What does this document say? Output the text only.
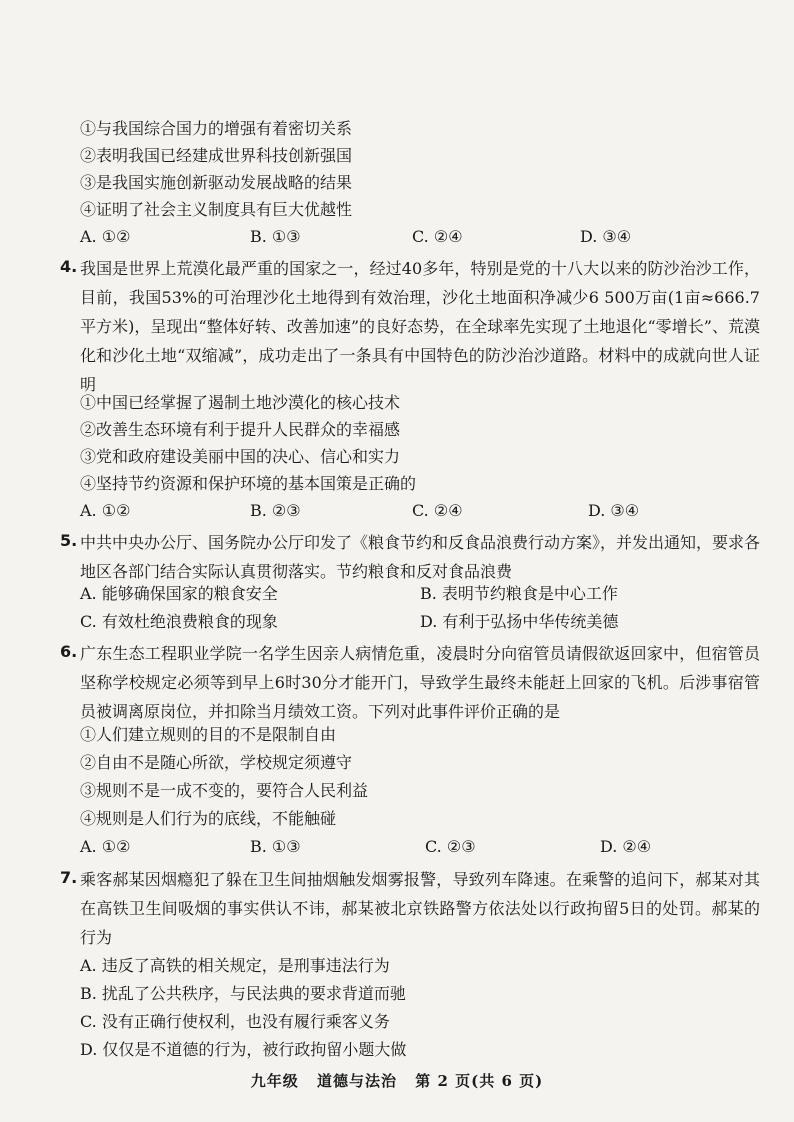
①与我国综合国力的增强有着密切关系
②表明我国已经建成世界科技创新强国
③是我国实施创新驱动发展战略的结果
④证明了社会主义制度具有巨大优越性
A. ①②	B. ①③	C. ②④	D. ③④
4. 我国是世界上荒漠化最严重的国家之一，经过40多年，特别是党的十八大以来的防沙治沙工作，目前，我国53%的可治理沙化土地得到有效治理，沙化土地面积净减少6 500万亩(1亩≈666.7平方米)，呈现出“整体好转、改善加速”的良好态势，在全球率先实现了土地退化“零增长”、荒漠化和沙化土地“双缩减”，成功走出了一条具有中国特色的防沙治沙道路。材料中的成就向世人证明
①中国已经掌握了遏制土地沙漠化的核心技术
②改善生态环境有利于提升人民群众的幸福感
③党和政府建设美丽中国的决心、信心和实力
④坚持节约资源和保护环境的基本国策是正确的
A. ①②	B. ②③	C. ②④	D. ③④
5. 中共中央办公厅、国务院办公厅印发了《粮食节约和反食品浪费行动方案》，并发出通知，要求各地区各部门结合实际认真贯彻落实。节约粮食和反对食品浪费
A. 能够确保国家的粮食安全	B. 表明节约粮食是中心工作
C. 有效杜绝浪费粮食的现象	D. 有利于弘扬中华传统美德
6. 广东生态工程职业学院一名学生因亲人病情危重，凌晨时分向宿管员请假欲返回家中，但宿管员坚称学校规定必须等到早上6时30分才能开门，导致学生最终未能赶上回家的飞机。后涉事宿管员被调离原岗位，并扣除当月绩效工资。下列对此事件评价正确的是
①人们建立规则的目的不是限制自由
②自由不是随心所欲，学校规定须遵守
③规则不是一成不变的，要符合人民利益
④规则是人们行为的底线，不能触碰
A. ①②	B. ①③	C. ②③	D. ②④
7. 乘客郝某因烟瘾犯了躲在卫生间抽烟触发烟雾报警，导致列车降速。在乘警的追问下，郝某对其在高铁卫生间吸烟的事实供认不讳，郝某被北京铁路警方依法处以行政拘留5日的处罚。郝某的行为
A. 违反了高铁的相关规定，是刑事违法行为
B. 扰乱了公共秩序，与民法典的要求背道而驰
C. 没有正确行使权利，也没有履行乘客义务
D. 仅仅是不道德的行为，被行政拘留小题大做
九年级 道德与法治 第 2 页(共 6 页)
